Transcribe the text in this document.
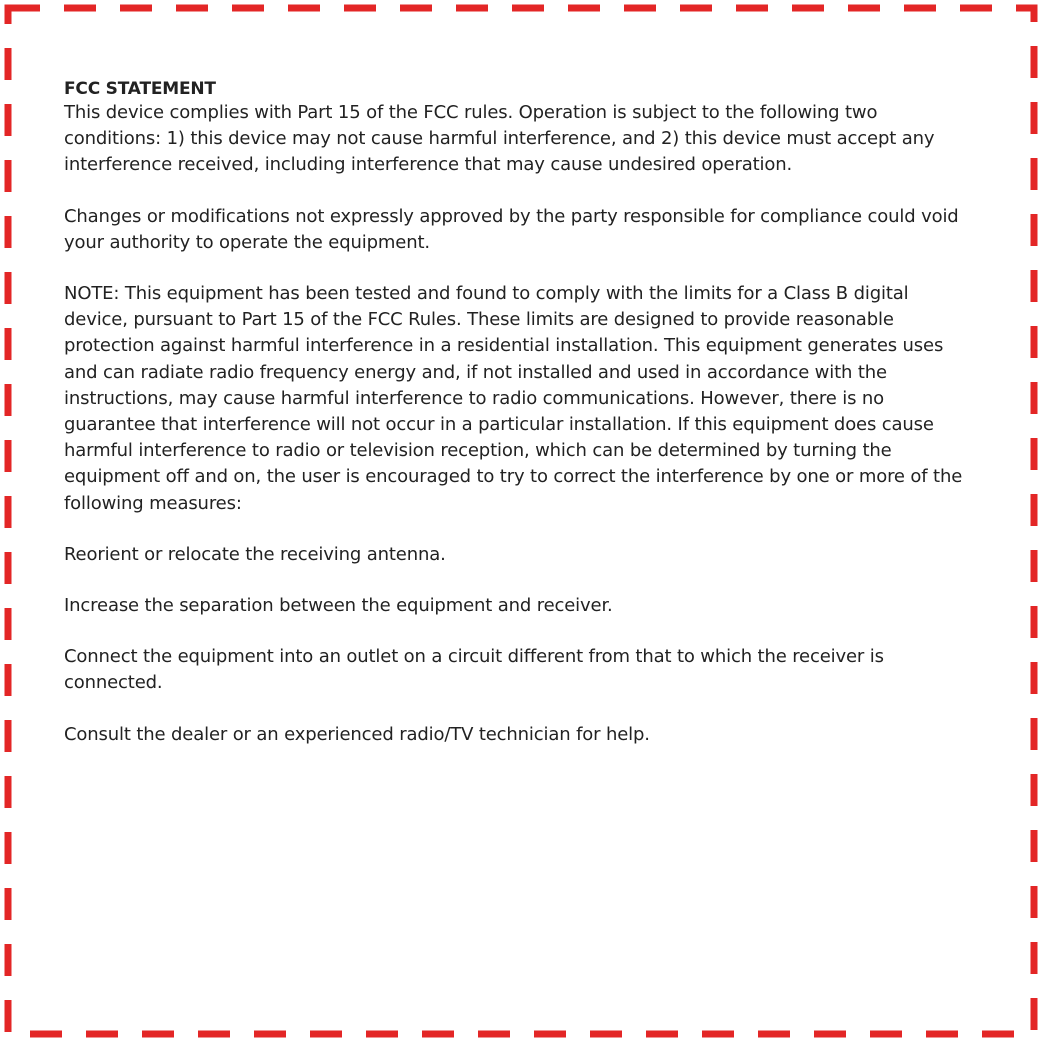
FCC STATEMENT

This device complies with Part 15 of the FCC rules. Operation is subject to the following two conditions: 1) this device may not cause harmful interference, and 2) this device must accept any interference received, including interference that may cause undesired operation.

Changes or modifications not expressly approved by the party responsible for compliance could void your authority to operate the equipment.

NOTE: This equipment has been tested and found to comply with the limits for a Class B digital device, pursuant to Part 15 of the FCC Rules. These limits are designed to provide reasonable protection against harmful interference in a residential installation. This equipment generates uses and can radiate radio frequency energy and, if not installed and used in accordance with the instructions, may cause harmful interference to radio communications. However, there is no guarantee that interference will not occur in a particular installation. If this equipment does cause harmful interference to radio or television reception, which can be determined by turning the equipment off and on, the user is encouraged to try to correct the interference by one or more of the following measures:

Reorient or relocate the receiving antenna.

Increase the separation between the equipment and receiver.

Connect the equipment into an outlet on a circuit different from that to which the receiver is connected.

Consult the dealer or an experienced radio/TV technician for help.
